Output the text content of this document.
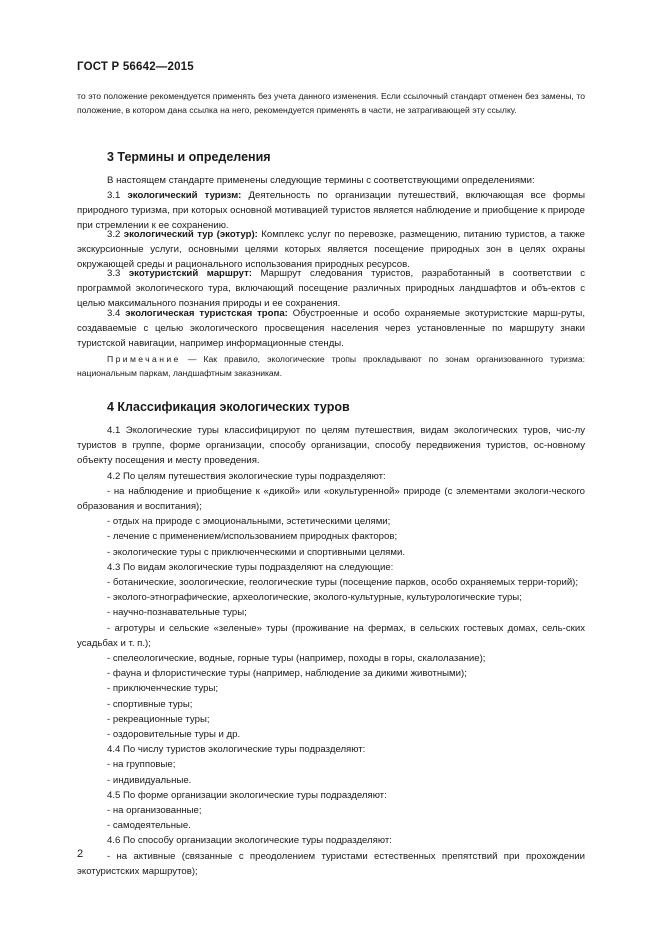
ГОСТ Р 56642—2015
то это положение рекомендуется применять без учета данного изменения. Если ссылочный стандарт отменен без замены, то положение, в котором дана ссылка на него, рекомендуется применять в части, не затрагивающей эту ссылку.
3 Термины и определения
В настоящем стандарте применены следующие термины с соответствующими определениями:
3.1 экологический туризм: Деятельность по организации путешествий, включающая все формы природного туризма, при которых основной мотивацией туристов является наблюдение и приобщение к природе при стремлении к ее сохранению.
3.2 экологический тур (экотур): Комплекс услуг по перевозке, размещению, питанию туристов, а также экскурсионные услуги, основными целями которых является посещение природных зон в целях охраны окружающей среды и рационального использования природных ресурсов.
3.3 экотуристский маршрут: Маршрут следования туристов, разработанный в соответствии с программой экологического тура, включающий посещение различных природных ландшафтов и объ-ектов с целью максимального познания природы и ее сохранения.
3.4 экологическая туристская тропа: Обустроенные и особо охраняемые экотуристские марш-руты, создаваемые с целью экологического просвещения населения через установленные по маршруту знаки туристской навигации, например информационные стенды.
Примечание — Как правило, экологические тропы прокладывают по зонам организованного туризма: национальным паркам, ландшафтным заказникам.
4 Классификация экологических туров
4.1 Экологические туры классифицируют по целям путешествия, видам экологических туров, чис-лу туристов в группе, форме организации, способу организации, способу передвижения туристов, ос-новному объекту посещения и месту проведения.
4.2 По целям путешествия экологические туры подразделяют:
- на наблюдение и приобщение к «дикой» или «окультуренной» природе (с элементами экологи-ческого образования и воспитания);
- отдых на природе с эмоциональными, эстетическими целями;
- лечение с применением/использованием природных факторов;
- экологические туры с приключенческими и спортивными целями.
4.3 По видам экологические туры подразделяют на следующие:
- ботанические, зоологические, геологические туры (посещение парков, особо охраняемых терри-торий);
- эколого-этнографические, археологические, эколого-культурные, культурологические туры;
- научно-познавательные туры;
- агротуры и сельские «зеленые» туры (проживание на фермах, в сельских гостевых домах, сель-ских усадьбах и т. п.);
- спелеологические, водные, горные туры (например, походы в горы, скалолазание);
- фауна и флористические туры (например, наблюдение за дикими животными);
- приключенческие туры;
- спортивные туры;
- рекреационные туры;
- оздоровительные туры и др.
4.4 По числу туристов экологические туры подразделяют:
- на групповые;
- индивидуальные.
4.5 По форме организации экологические туры подразделяют:
- на организованные;
- самодеятельные.
4.6 По способу организации экологические туры подразделяют:
- на активные (связанные с преодолением туристами естественных препятствий при прохождении экотуристских маршрутов);
2
